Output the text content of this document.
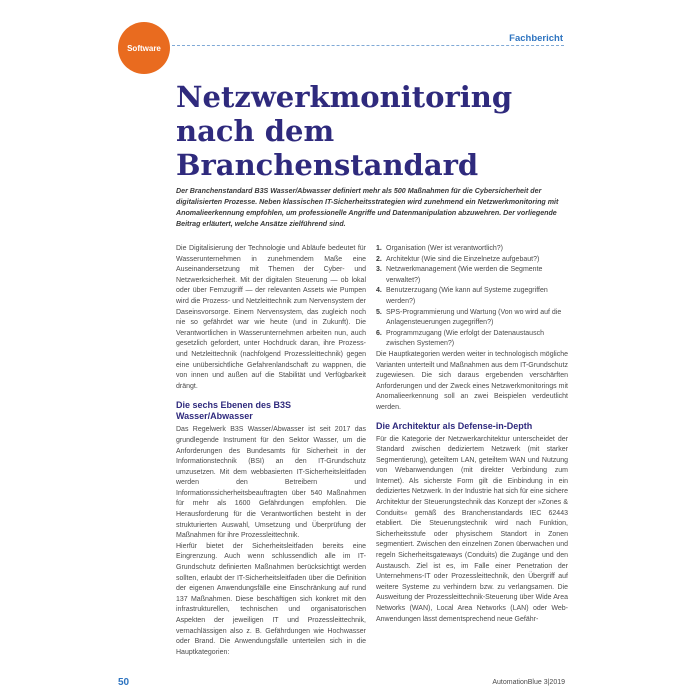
Software
Fachbericht
Netzwerkmonitoring nach dem Branchenstandard

Der Branchenstandard B3S Wasser/Abwasser definiert mehr als 500 Maßnahmen für die Cybersicherheit der digitalisierten Prozesse. Neben klassischen IT-Sicherheitsstrategien wird zunehmend ein Netzwerkmonitoring mit Anomalieerkennung empfohlen, um professionelle Angriffe und Datenmanipulation abzuwehren. Der vorliegende Beitrag erläutert, welche Ansätze zielführend sind.

Die Digitalisierung der Technologie und Abläufe bedeutet für Wasserunternehmen in zunehmendem Maße eine Auseinandersetzung mit Themen der Cyber- und Netzwerksicherheit. Mit der digitalen Steuerung — ob lokal oder über Fernzugriff — der relevanten Assets wie Pumpen wird die Prozess- und Netzleittechnik zum Nervensystem der Daseinsvorsorge. Einem Nervensystem, das zugleich noch nie so gefährdet war wie heute (und in Zukunft). Die Verantwortlichen in Wasserunternehmen arbeiten nun, auch gesetzlich gefordert, unter Hochdruck daran, ihre Prozess- und Netzleittechnik (nachfolgend Prozessleittechnik) gegen eine unübersichtliche Gefahrenlandschaft zu wappnen, die von innen und außen auf die Stabilität und Verfügbarkeit drängt.

Die sechs Ebenen des B3S Wasser/Abwasser

Das Regelwerk B3S Wasser/Abwasser ist seit 2017 das grundlegende Instrument für den Sektor Wasser, um die Anforderungen des Bundesamts für Sicherheit in der Informationstechnik (BSI) an den IT-Grundschutz umzusetzen. Mit dem webbasierten IT-Sicherheitsleitfaden werden den Betreibern und Informationssicherheitsbeauftragten über 540 Maßnahmen für mehr als 1600 Gefährdungen empfohlen. Die Herausforderung für die Verantwortlichen besteht in der strukturierten Auswahl, Umsetzung und Überprüfung der Maßnahmen für ihre Prozessleittechnik.

Hierfür bietet der Sicherheitsleitfaden bereits eine Eingrenzung. Auch wenn schlussendlich alle im IT-Grundschutz definierten Maßnahmen berücksichtigt werden sollten, erlaubt der IT-Sicherheitsleitfaden über die Definition der eigenen Anwendungsfälle eine Einschränkung auf rund 137 Maßnahmen. Diese beschäftigen sich konkret mit den infrastrukturellen, technischen und organisatorischen Aspekten der jeweiligen IT und Prozessleittechnik, vernachlässigen also z. B. Gefährdungen wie Hochwasser oder Brand. Die Anwendungsfälle unterteilen sich in die Hauptkategorien:

1. Organisation (Wer ist verantwortlich?)
2. Architektur (Wie sind die Einzelnetze aufgebaut?)
3. Netzwerkmanagement (Wie werden die Segmente verwaltet?)
4. Benutzerzugang (Wie kann auf Systeme zugegriffen werden?)
5. SPS-Programmierung und Wartung (Von wo wird auf die Anlagensteuerungen zugegriffen?)
6. Programmzugang (Wie erfolgt der Datenaustausch zwischen Systemen?)

Die Hauptkategorien werden weiter in technologisch mögliche Varianten unterteilt und Maßnahmen aus dem IT-Grundschutz zugewiesen. Die sich daraus ergebenden verschärften Anforderungen und der Zweck eines Netzwerkmonitorings mit Anomalieerkennung soll an zwei Beispielen verdeutlicht werden.

Die Architektur als Defense-in-Depth

Für die Kategorie der Netzwerkarchitektur unterscheidet der Standard zwischen dediziertem Netzwerk (mit starker Segmentierung), geteiltem LAN, geteiltem WAN und Nutzung von Webanwendungen (mit direkter Verbindung zum Internet). Als sicherste Form gilt die Einbindung in ein dediziertes Netzwerk. In der Industrie hat sich für eine sichere Architektur der Steuerungstechnik das Konzept der »Zones & Conduits« gemäß des Branchenstandards IEC 62443 etabliert. Die Steuerungstechnik wird nach Funktion, Sicherheitsstufe oder physischem Standort in Zonen segmentiert. Zwischen den einzelnen Zonen überwachen und regeln Sicherheitsgateways (Conduits) die Zugänge und den Austausch. Ziel ist es, im Falle einer Penetration der Unternehmens-IT oder Prozessleittechnik, den Übergriff auf weitere Systeme zu verhindern bzw. zu verlangsamen. Die Ausweitung der Prozessleittechnik-Steuerung über Wide Area Networks (WAN), Local Area Networks (LAN) oder Web-Anwendungen lässt dementsprechend neue Gefähr-

50	AutomationBlue 3|2019
